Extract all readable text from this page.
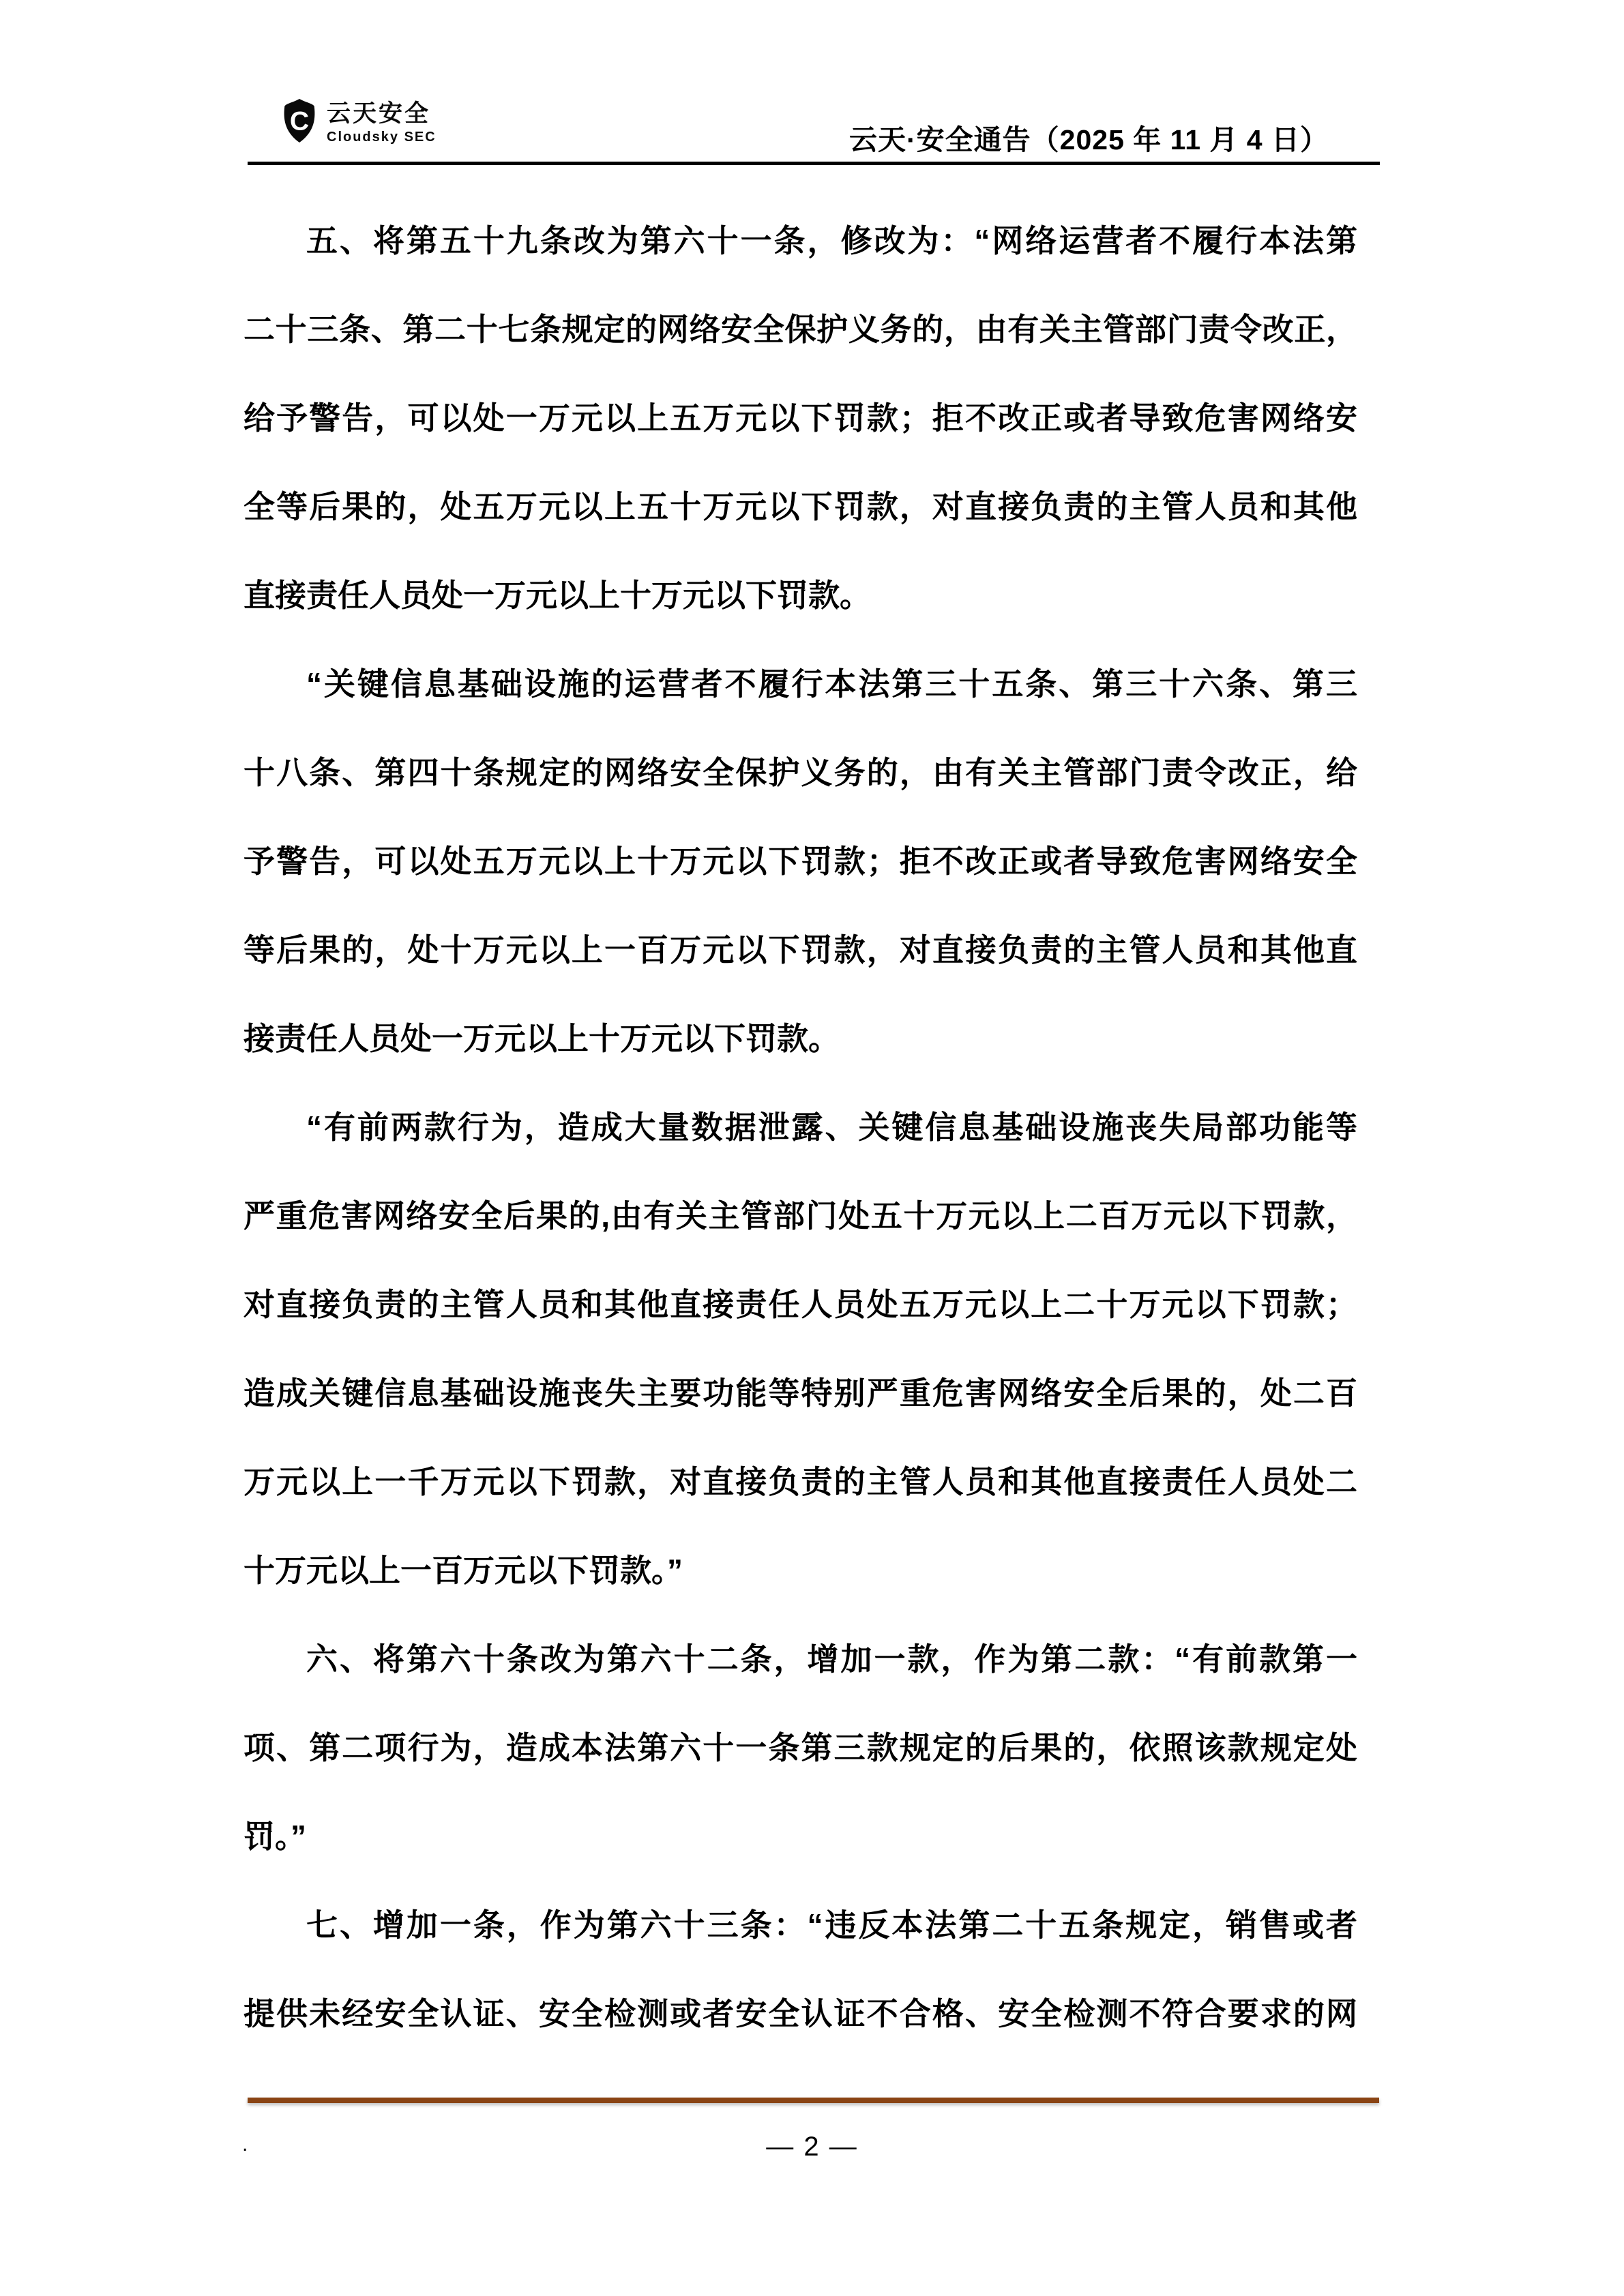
C 云天安全
Cloudsky SEC	云天·安全通告（2025 年 11 月 4 日）
五、将第五十九条改为第六十一条，修改为：“网络运营者不履行本法第
二十三条、第二十七条规定的网络安全保护义务的，由有关主管部门责令改正，
给予警告，可以处一万元以上五万元以下罚款；拒不改正或者导致危害网络安
全等后果的，处五万元以上五十万元以下罚款，对直接负责的主管人员和其他
直接责任人员处一万元以上十万元以下罚款。
“关键信息基础设施的运营者不履行本法第三十五条、第三十六条、第三
十八条、第四十条规定的网络安全保护义务的，由有关主管部门责令改正，给
予警告，可以处五万元以上十万元以下罚款；拒不改正或者导致危害网络安全
等后果的，处十万元以上一百万元以下罚款，对直接负责的主管人员和其他直
接责任人员处一万元以上十万元以下罚款。
“有前两款行为，造成大量数据泄露、关键信息基础设施丧失局部功能等
严重危害网络安全后果的,由有关主管部门处五十万元以上二百万元以下罚款，
对直接负责的主管人员和其他直接责任人员处五万元以上二十万元以下罚款；
造成关键信息基础设施丧失主要功能等特别严重危害网络安全后果的，处二百
万元以上一千万元以下罚款，对直接负责的主管人员和其他直接责任人员处二
十万元以上一百万元以下罚款。”
六、将第六十条改为第六十二条，增加一款，作为第二款：“有前款第一
项、第二项行为，造成本法第六十一条第三款规定的后果的，依照该款规定处
罚。”
七、增加一条，作为第六十三条：“违反本法第二十五条规定，销售或者
提供未经安全认证、安全检测或者安全认证不合格、安全检测不符合要求的网
.	— 2 —
